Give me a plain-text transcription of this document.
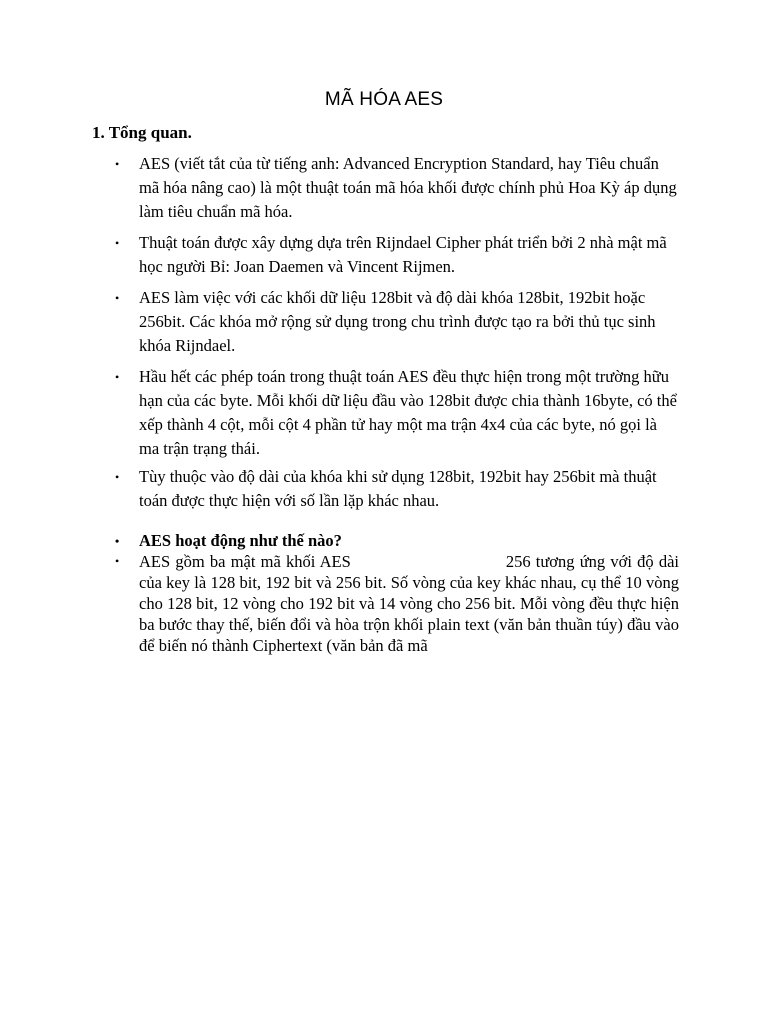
MÃ HÓA AES
1. Tổng quan.
• AES (viết tắt của từ tiếng anh: Advanced Encryption Standard, hay Tiêu chuẩn mã hóa nâng cao) là một thuật toán mã hóa khối được chính phủ Hoa Kỳ áp dụng làm tiêu chuẩn mã hóa.
• Thuật toán được xây dựng dựa trên Rijndael Cipher phát triển bởi 2 nhà mật mã học người Bỉ: Joan Daemen và Vincent Rijmen.
• AES làm việc với các khối dữ liệu 128bit và độ dài khóa 128bit, 192bit hoặc 256bit. Các khóa mở rộng sử dụng trong chu trình được tạo ra bởi thủ tục sinh khóa Rijndael.
• Hầu hết các phép toán trong thuật toán AES đều thực hiện trong một trường hữu hạn của các byte. Mỗi khối dữ liệu đầu vào 128bit được chia thành 16byte, có thể xếp thành 4 cột, mỗi cột 4 phần tử hay một ma trận 4x4 của các byte, nó gọi là ma trận trạng thái.
• Tùy thuộc vào độ dài của khóa khi sử dụng 128bit, 192bit hay 256bit mà thuật toán được thực hiện với số lần lặp khác nhau.
• AES hoạt động như thế nào?
• AES gồm ba mật mã khối AES	256 tương ứng với độ dài của key là 128 bit, 192 bit và 256 bit. Số vòng của key khác nhau, cụ thể 10 vòng cho 128 bit, 12 vòng cho 192 bit và 14 vòng cho 256 bit. Mỗi vòng đều thực hiện ba bước thay thế, biến đổi và hòa trộn khối plain text (văn bản thuần túy) đầu vào để biến nó thành Ciphertext (văn bản đã mã
